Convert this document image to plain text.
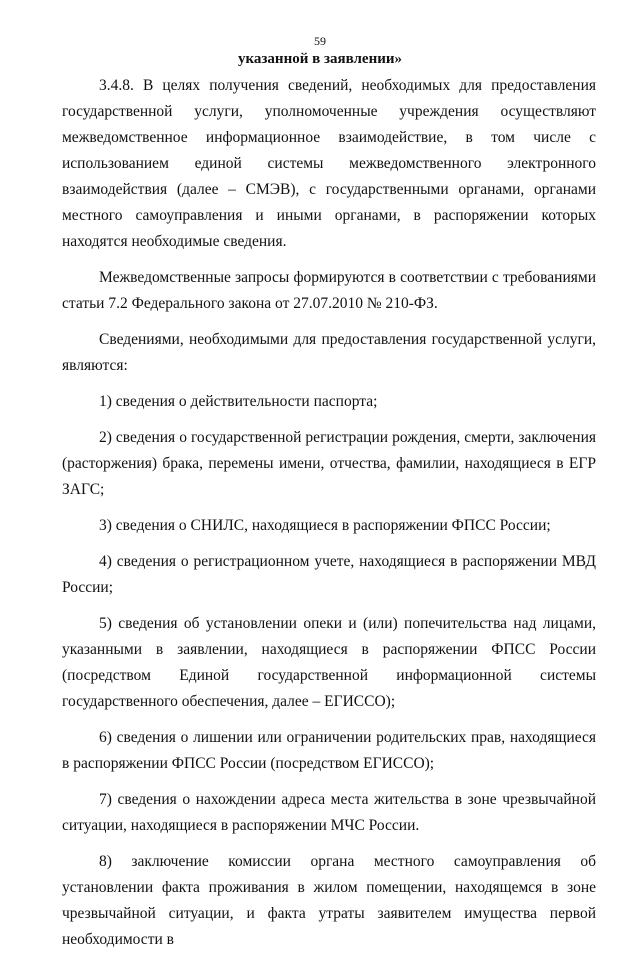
59
указанной в заявлении»

3.4.8. В целях получения сведений, необходимых для предоставления государственной услуги, уполномоченные учреждения осуществляют межведомственное информационное взаимодействие, в том числе с использованием единой системы межведомственного электронного взаимодействия (далее – СМЭВ), с государственными органами, органами местного самоуправления и иными органами, в распоряжении которых находятся необходимые сведения.

Межведомственные запросы формируются в соответствии с требованиями статьи 7.2 Федерального закона от 27.07.2010 № 210-ФЗ.

Сведениями, необходимыми для предоставления государственной услуги, являются:

1) сведения о действительности паспорта;

2) сведения о государственной регистрации рождения, смерти, заключения (расторжения) брака, перемены имени, отчества, фамилии, находящиеся в ЕГР ЗАГС;

3) сведения о СНИЛС, находящиеся в распоряжении ФПСС России;

4) сведения о регистрационном учете, находящиеся в распоряжении МВД России;

5) сведения об установлении опеки и (или) попечительства над лицами, указанными в заявлении, находящиеся в распоряжении ФПСС России (посредством Единой государственной информационной системы государственного обеспечения, далее – ЕГИССО);

6) сведения о лишении или ограничении родительских прав, находящиеся в распоряжении ФПСС России (посредством ЕГИССО);

7) сведения о нахождении адреса места жительства в зоне чрезвычайной ситуации, находящиеся в распоряжении МЧС России.

8) заключение комиссии органа местного самоуправления об установлении факта проживания в жилом помещении, находящемся в зоне чрезвычайной ситуации, и факта утраты заявителем имущества первой необходимости в
